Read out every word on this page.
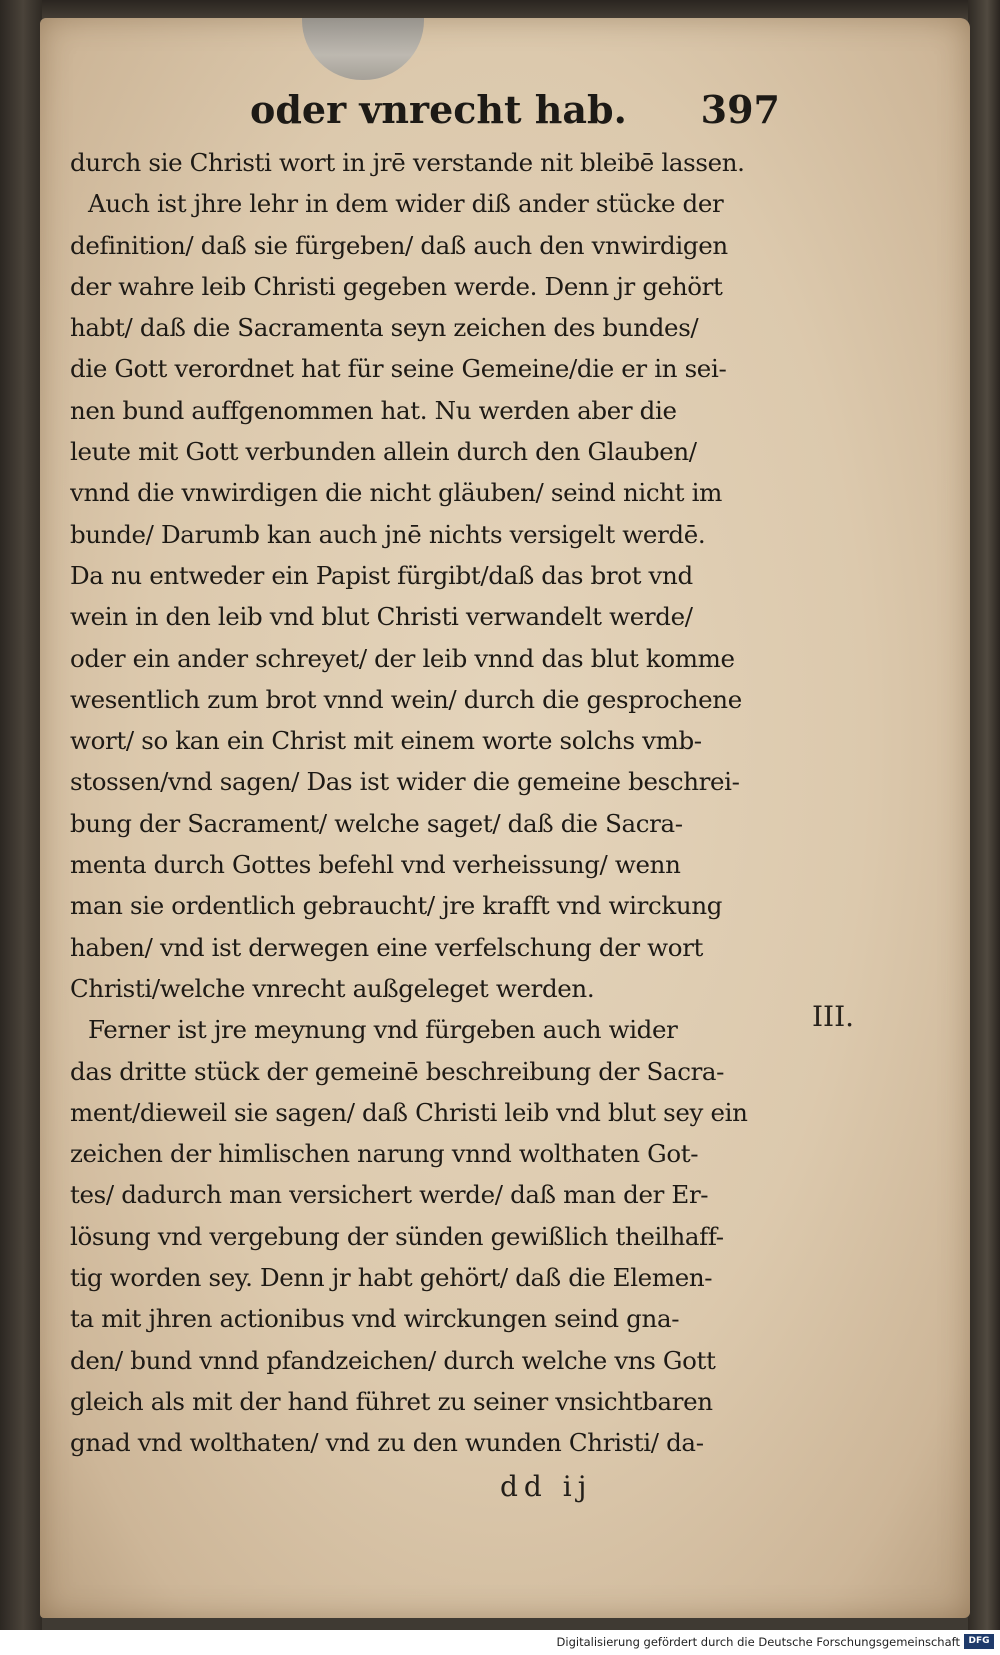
oder vnrecht hab. 397
durch sie Christi wort in jrē verstande nit bleibē lassen.
Auch ist jhre lehr in dem wider diß ander stücke der
definition/ daß sie fürgeben/ daß auch den vnwirdigen
der wahre leib Christi gegeben werde. Denn jr gehört
habt/ daß die Sacramenta seyn zeichen des bundes/
die Gott verordnet hat für seine Gemeine/die er in sei-
nen bund auffgenommen hat. Nu werden aber die
leute mit Gott verbunden allein durch den Glauben/
vnnd die vnwirdigen die nicht gläuben/ seind nicht im
bunde/ Darumb kan auch jnē nichts versigelt werdē.
Da nu entweder ein Papist fürgibt/daß das brot vnd
wein in den leib vnd blut Christi verwandelt werde/
oder ein ander schreyet/ der leib vnnd das blut komme
wesentlich zum brot vnnd wein/ durch die gesprochene
wort/ so kan ein Christ mit einem worte solchs vmb-
stossen/vnd sagen/ Das ist wider die gemeine beschrei-
bung der Sacrament/ welche saget/ daß die Sacra-
menta durch Gottes befehl vnd verheissung/ wenn
man sie ordentlich gebraucht/ jre krafft vnd wirckung
haben/ vnd ist derwegen eine verfelschung der wort
Christi/welche vnrecht außgeleget werden.
Ferner ist jre meynung vnd fürgeben auch wider
das dritte stück der gemeinē beschreibung der Sacra-
ment/dieweil sie sagen/ daß Christi leib vnd blut sey ein
zeichen der himlischen narung vnnd wolthaten Got-
tes/ dadurch man versichert werde/ daß man der Er-
lösung vnd vergebung der sünden gewißlich theilhaff-
tig worden sey. Denn jr habt gehört/ daß die Elemen-
ta mit jhren actionibus vnd wirckungen seind gna-
den/ bund vnnd pfandzeichen/ durch welche vns Gott
gleich als mit der hand führet zu seiner vnsichtbaren
gnad vnd wolthaten/ vnd zu den wunden Christi/ da-
III.
dd ij
Digitalisierung gefördert durch die Deutsche Forschungsgemeinschaft DFG
